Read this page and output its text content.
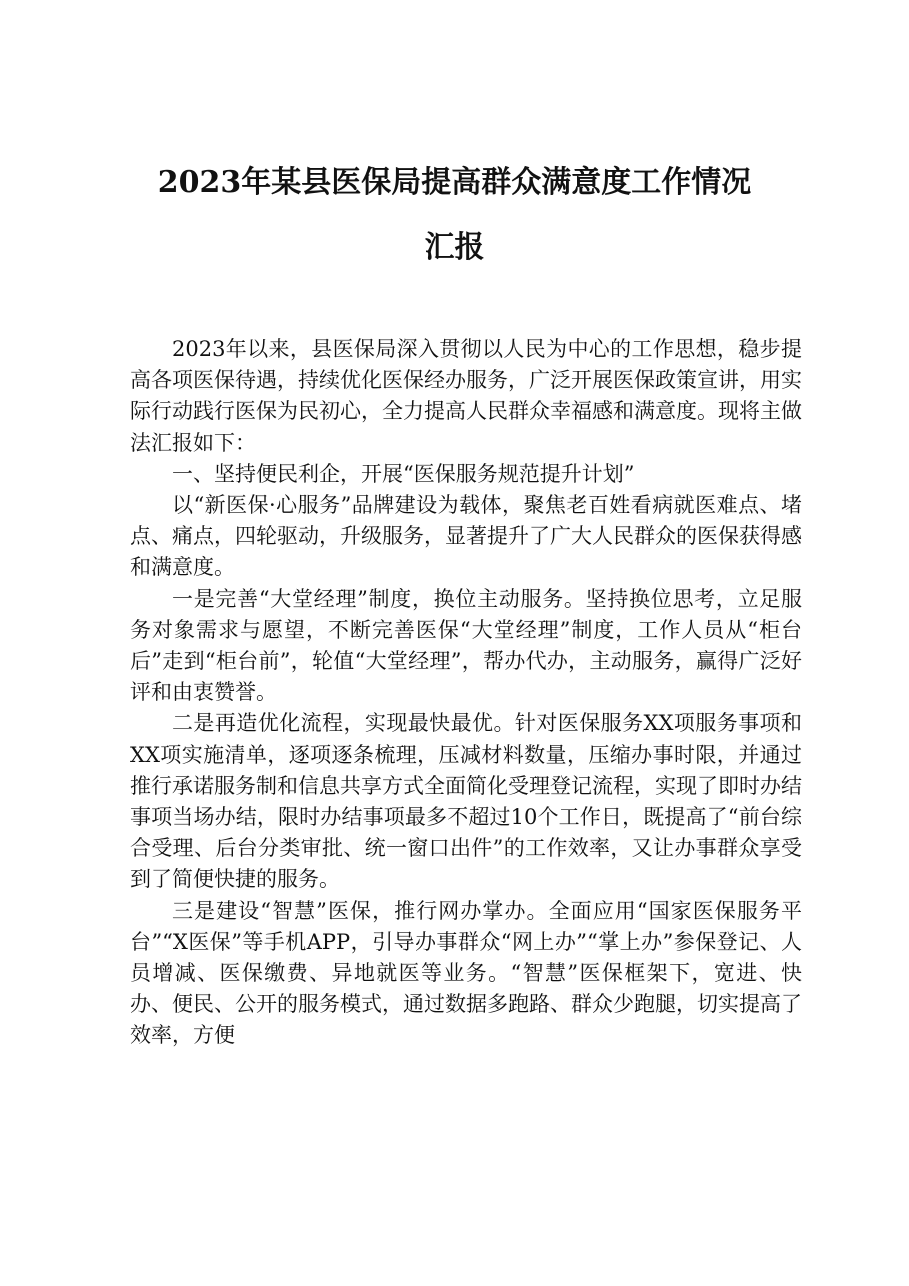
2023年某县医保局提高群众满意度工作情况
汇报

2023年以来，县医保局深入贯彻以人民为中心的工作思想，稳步提高各项医保待遇，持续优化医保经办服务，广泛开展医保政策宣讲，用实际行动践行医保为民初心，全力提高人民群众幸福感和满意度。现将主做法汇报如下：

一、坚持便民利企，开展“医保服务规范提升计划”

以“新医保·心服务”品牌建设为载体，聚焦老百姓看病就医难点、堵点、痛点，四轮驱动，升级服务，显著提升了广大人民群众的医保获得感和满意度。

一是完善“大堂经理”制度，换位主动服务。坚持换位思考，立足服务对象需求与愿望，不断完善医保“大堂经理”制度，工作人员从“柜台后”走到“柜台前”，轮值“大堂经理”，帮办代办，主动服务，赢得广泛好评和由衷赞誉。

二是再造优化流程，实现最快最优。针对医保服务XX项服务事项和XX项实施清单，逐项逐条梳理，压减材料数量，压缩办事时限，并通过推行承诺服务制和信息共享方式全面简化受理登记流程，实现了即时办结事项当场办结，限时办结事项最多不超过10个工作日，既提高了“前台综合受理、后台分类审批、统一窗口出件”的工作效率，又让办事群众享受到了简便快捷的服务。

三是建设“智慧”医保，推行网办掌办。全面应用“国家医保服务平台”“X医保”等手机APP，引导办事群众“网上办”“掌上办”参保登记、人员增减、医保缴费、异地就医等业务。“智慧”医保框架下，宽进、快办、便民、公开的服务模式，通过数据多跑路、群众少跑腿，切实提高了效率，方便
